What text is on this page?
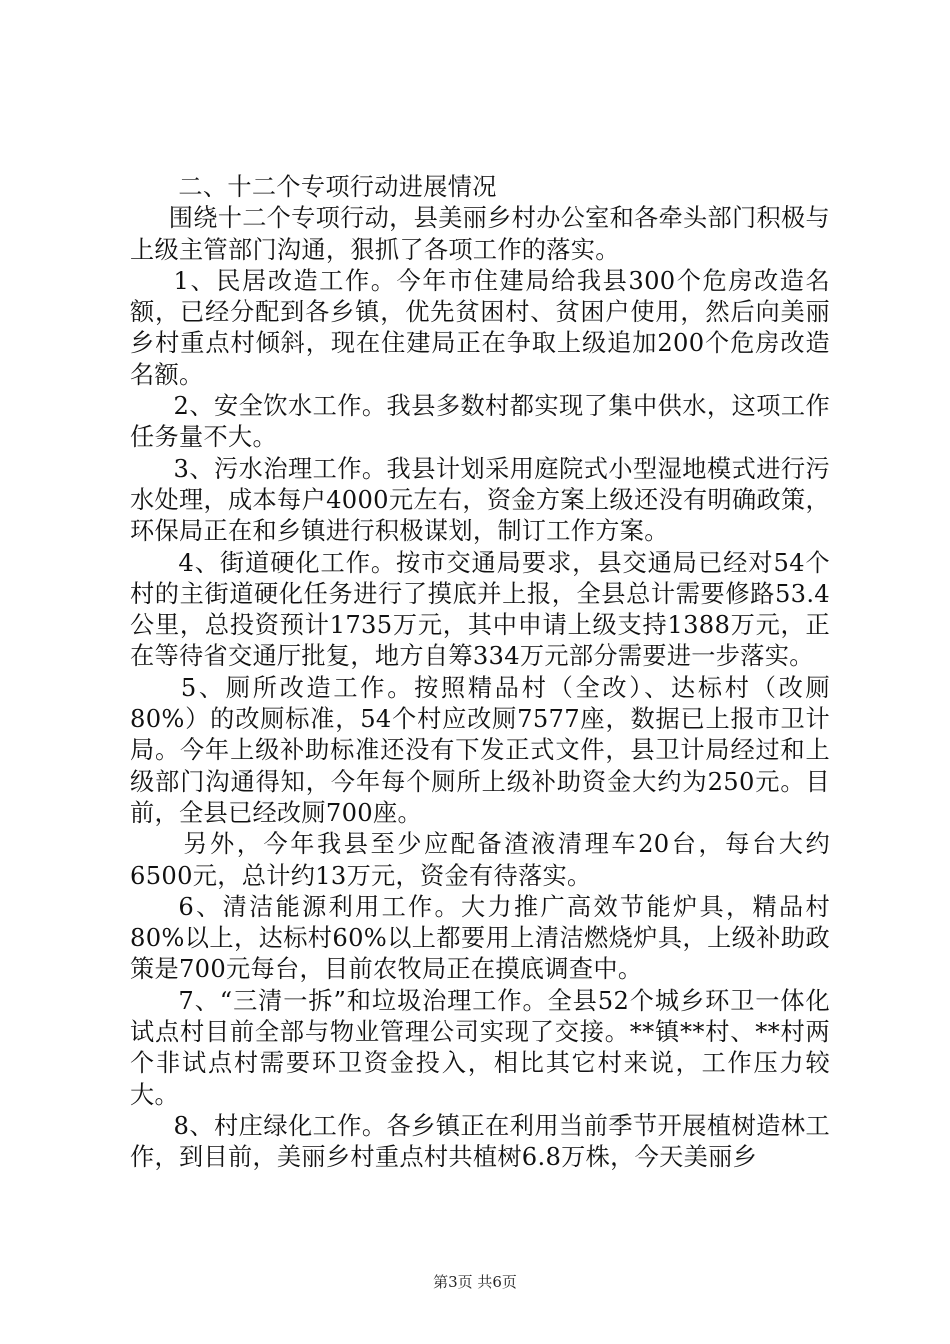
二、十二个专项行动进展情况

围绕十二个专项行动，县美丽乡村办公室和各牵头部门积极与上级主管部门沟通，狠抓了各项工作的落实。

1、民居改造工作。今年市住建局给我县300个危房改造名额，已经分配到各乡镇，优先贫困村、贫困户使用，然后向美丽乡村重点村倾斜，现在住建局正在争取上级追加200个危房改造名额。

2、安全饮水工作。我县多数村都实现了集中供水，这项工作任务量不大。

3、污水治理工作。我县计划采用庭院式小型湿地模式进行污水处理，成本每户4000元左右，资金方案上级还没有明确政策，环保局正在和乡镇进行积极谋划，制订工作方案。

4、街道硬化工作。按市交通局要求，县交通局已经对54个村的主街道硬化任务进行了摸底并上报，全县总计需要修路53.4公里，总投资预计1735万元，其中申请上级支持1388万元，正在等待省交通厅批复，地方自筹334万元部分需要进一步落实。

5、厕所改造工作。按照精品村（全改）、达标村（改厕80%）的改厕标准，54个村应改厕7577座，数据已上报市卫计局。今年上级补助标准还没有下发正式文件，县卫计局经过和上级部门沟通得知，今年每个厕所上级补助资金大约为250元。目前，全县已经改厕700座。

另外，今年我县至少应配备渣液清理车20台，每台大约6500元，总计约13万元，资金有待落实。

6、清洁能源利用工作。大力推广高效节能炉具，精品村80%以上，达标村60%以上都要用上清洁燃烧炉具，上级补助政策是700元每台，目前农牧局正在摸底调查中。

7、“三清一拆”和垃圾治理工作。全县52个城乡环卫一体化试点村目前全部与物业管理公司实现了交接。**镇**村、**村两个非试点村需要环卫资金投入，相比其它村来说，工作压力较大。

8、村庄绿化工作。各乡镇正在利用当前季节开展植树造林工作，到目前，美丽乡村重点村共植树6.8万株，今天美丽乡

第3页 共6页
